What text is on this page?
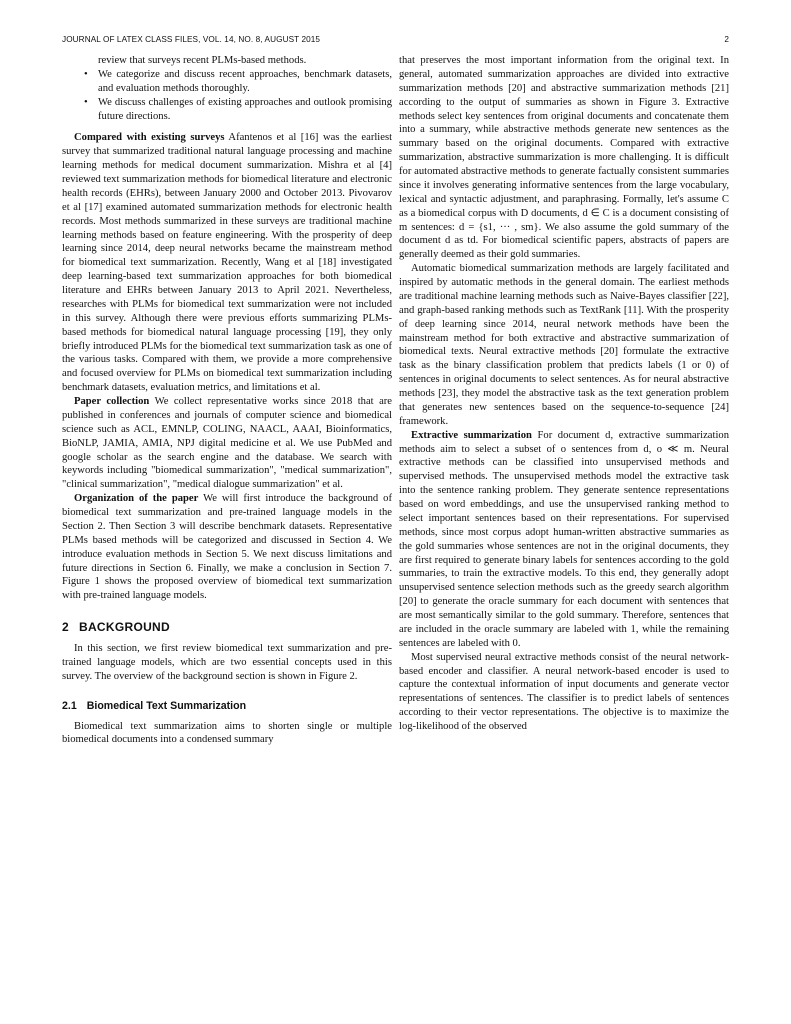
JOURNAL OF LATEX CLASS FILES, VOL. 14, NO. 8, AUGUST 2015	2
review that surveys recent PLMs-based methods.
• We categorize and discuss recent approaches, benchmark datasets, and evaluation methods thoroughly.
• We discuss challenges of existing approaches and outlook promising future directions.

Compared with existing surveys Afantenos et al [16] was the earliest survey that summarized traditional natural language processing and machine learning methods for medical document summarization. Mishra et al [4] reviewed text summarization methods for biomedical literature and electronic health records (EHRs), between January 2000 and October 2013. Pivovarov et al [17] examined automated summarization methods for electronic health records. Most methods summarized in these surveys are traditional machine learning methods based on feature engineering. With the prosperity of deep learning since 2014, deep neural networks became the mainstream method for biomedical text summarization. Recently, Wang et al [18] investigated deep learning-based text summarization approaches for both biomedical literature and EHRs between January 2013 to April 2021. Nevertheless, researches with PLMs for biomedical text summarization were not included in this survey. Although there were previous efforts summarizing PLMs-based methods for biomedical natural language processing [19], they only briefly introduced PLMs for the biomedical text summarization task as one of the various tasks. Compared with them, we provide a more comprehensive and focused overview for PLMs on biomedical text summarization including benchmark datasets, evaluation metrics, and limitations et al.

Paper collection We collect representative works since 2018 that are published in conferences and journals of computer science and biomedical science such as ACL, EMNLP, COLING, NAACL, AAAI, Bioinformatics, BioNLP, JAMIA, AMIA, NPJ digital medicine et al. We use PubMed and google scholar as the search engine and the database. We search with keywords including "biomedical summarization", "medical summarization", "clinical summarization", "medical dialogue summarization" et al.

Organization of the paper We will first introduce the background of biomedical text summarization and pre-trained language models in the Section 2. Then Section 3 will describe benchmark datasets. Representative PLMs based methods will be categorized and discussed in Section 4. We introduce evaluation methods in Section 5. We next discuss limitations and future directions in Section 6. Finally, we make a conclusion in Section 7. Figure 1 shows the proposed overview of biomedical text summarization with pre-trained language models.

2 BACKGROUND

In this section, we first review biomedical text summarization and pre-trained language models, which are two essential concepts used in this survey. The overview of the background section is shown in Figure 2.

2.1 Biomedical Text Summarization

Biomedical text summarization aims to shorten single or multiple biomedical documents into a condensed summary

that preserves the most important information from the original text. In general, automated summarization approaches are divided into extractive summarization methods [20] and abstractive summarization methods [21] according to the output of summaries as shown in Figure 3. Extractive methods select key sentences from original documents and concatenate them into a summary, while abstractive methods generate new sentences as the summary based on the original documents. Compared with extractive summarization, abstractive summarization is more challenging. It is difficult for automated abstractive methods to generate factually consistent summaries since it involves generating informative sentences from the large vocabulary, lexical and syntactic adjustment, and paraphrasing. Formally, let's assume C as a biomedical corpus with D documents, d ∈ C is a document consisting of m sentences: d = {s1, ··· , sm}. We also assume the gold summary of the document d as td. For biomedical scientific papers, abstracts of papers are generally deemed as their gold summaries.

Automatic biomedical summarization methods are largely facilitated and inspired by automatic methods in the general domain. The earliest methods are traditional machine learning methods such as Naive-Bayes classifier [22], and graph-based ranking methods such as TextRank [11]. With the prosperity of deep learning since 2014, neural network methods have been the mainstream method for both extractive and abstractive summarization of biomedical texts. Neural extractive methods [20] formulate the extractive task as the binary classification problem that predicts labels (1 or 0) of sentences in original documents to select sentences. As for neural abstractive methods [23], they model the abstractive task as the text generation problem that generates new sentences based on the sequence-to-sequence [24] framework.

Extractive summarization For document d, extractive summarization methods aim to select a subset of o sentences from d, o ≪ m. Neural extractive methods can be classified into unsupervised methods and supervised methods. The unsupervised methods model the extractive task into the sentence ranking problem. They generate sentence representations based on word embeddings, and use the unsupervised ranking method to select important sentences based on their representations. For supervised methods, since most corpus adopt human-written abstractive summaries as the gold summaries whose sentences are not in the original documents, they are first required to generate binary labels for sentences according to the gold summaries, to train the extractive models. To this end, they generally adopt unsupervised sentence selection methods such as the greedy search algorithm [20] to generate the oracle summary for each document with sentences that are most semantically similar to the gold summary. Therefore, sentences that are included in the oracle summary are labeled with 1, while the remaining sentences are labeled with 0.

Most supervised neural extractive methods consist of the neural network-based encoder and classifier. A neural network-based encoder is used to capture the contextual information of input documents and generate vector representations of sentences. The classifier is to predict labels of sentences according to their vector representations. The objective is to maximize the log-likelihood of the observed
